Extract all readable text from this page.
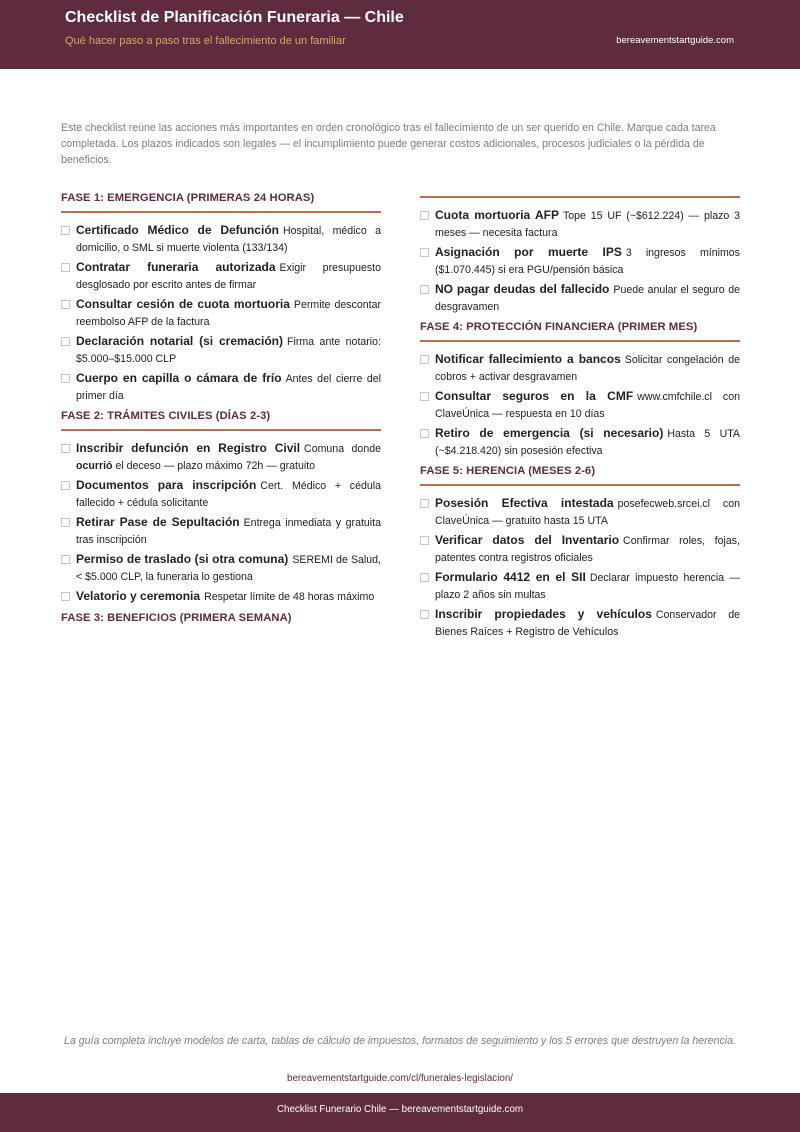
Checklist de Planificación Funeraria — Chile
Qué hacer paso a paso tras el fallecimiento de un familiar	bereavementstartguide.com
Este checklist reúne las acciones más importantes en orden cronológico tras el fallecimiento de un ser querido en Chile. Marque cada tarea completada. Los plazos indicados son legales — el incumplimiento puede generar costos adicionales, procesos judiciales o la pérdida de beneficios.
FASE 1: EMERGENCIA (PRIMERAS 24 HORAS)
Certificado Médico de Defunción Hospital, médico a domicilio, o SML si muerte violenta (133/134)
Contratar funeraria autorizada Exigir presupuesto desglosado por escrito antes de firmar
Consultar cesión de cuota mortuoria Permite descontar reembolso AFP de la factura
Declaración notarial (si cremación) Firma ante notario: $5.000–$15.000 CLP
Cuerpo en capilla o cámara de frío Antes del cierre del primer día
FASE 2: TRÁMITES CIVILES (DÍAS 2-3)
Inscribir defunción en Registro Civil Comuna donde ocurrió el deceso — plazo máximo 72h — gratuito
Documentos para inscripción Cert. Médico + cédula fallecido + cédula solicitante
Retirar Pase de Sepultación Entrega inmediata y gratuita tras inscripción
Permiso de traslado (si otra comuna) SEREMI de Salud, < $5.000 CLP, la funeraria lo gestiona
Velatorio y ceremonia Respetar límite de 48 horas máximo
FASE 3: BENEFICIOS (PRIMERA SEMANA)
Cuota mortuoria AFP Tope 15 UF (~$612.224) — plazo 3 meses — necesita factura
Asignación por muerte IPS 3 ingresos mínimos ($1.070.445) si era PGU/pensión básica
NO pagar deudas del fallecido Puede anular el seguro de desgravamen
FASE 4: PROTECCIÓN FINANCIERA (PRIMER MES)
Notificar fallecimiento a bancos Solicitar congelación de cobros + activar desgravamen
Consultar seguros en la CMF www.cmfchile.cl con ClaveÚnica — respuesta en 10 días
Retiro de emergencia (si necesario) Hasta 5 UTA (~$4.218.420) sin posesión efectiva
FASE 5: HERENCIA (MESES 2-6)
Posesión Efectiva intestada posefecweb.srcei.cl con ClaveÚnica — gratuito hasta 15 UTA
Verificar datos del Inventario Confirmar roles, fojas, patentes contra registros oficiales
Formulario 4412 en el SII Declarar impuesto herencia — plazo 2 años sin multas
Inscribir propiedades y vehículos Conservador de Bienes Raíces + Registro de Vehículos
La guía completa incluye modelos de carta, tablas de cálculo de impuestos, formatos de seguimiento y los 5 errores que destruyen la herencia.
bereavementstartguide.com/cl/funerales-legislacion/
Checklist Funerario Chile — bereavementstartguide.com
